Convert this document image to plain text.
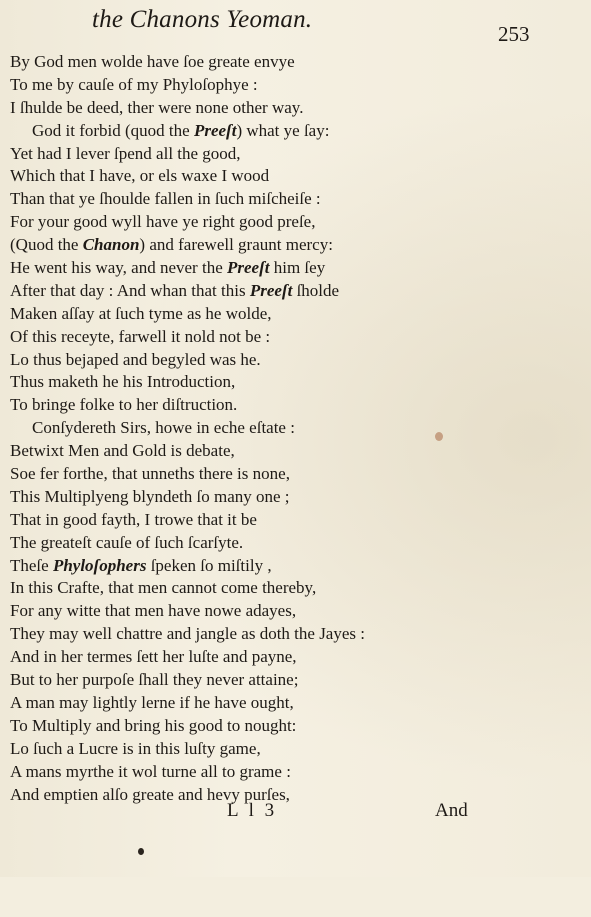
the Chanons Yeoman.
253
By God men wolde have ſoe greate envye
To me by cauſe of my Phyloſophye :
I ſhulde be deed, ther were none other way.
God it forbid (quod the Preeſt) what ye ſay:
Yet had I lever ſpend all the good,
Which that I have, or els waxe I wood
Than that ye ſhoulde fallen in ſuch miſcheiſe :
For your good wyll have ye right good preſe,
(Quod the Chanon) and farewell graunt mercy:
He went his way, and never the Preeſt him ſey
After that day : And whan that this Preeſt ſholde
Maken aſſay at ſuch tyme as he wolde,
Of this receyte, farwell it nold not be :
Lo thus bejaped and begyled was he.
Thus maketh he his Introduction,
To bringe folke to her diſtruction.
Conſydereth Sirs, howe in eche eſtate :
Betwixt Men and Gold is debate,
Soe fer forthe, that unneths there is none,
This Multiplyeng blyndeth ſo many one ;
That in good fayth, I trowe that it be
The greateſt cauſe of ſuch ſcarſyte.
Theſe Phyloſophers ſpeken ſo miſtily ,
In this Crafte, that men cannot come thereby,
For any witte that men have nowe adayes,
They may well chattre and jangle as doth the Jayes :
And in her termes ſett her luſte and payne,
But to her purpoſe ſhall they never attaine;
A man may lightly lerne if he have ought,
To Multiply and bring his good to nought:
Lo ſuch a Lucre is in this luſty game,
A mans myrthe it wol turne all to grame :
And emptien alſo greate and hevy purſes,
L l 3	And
